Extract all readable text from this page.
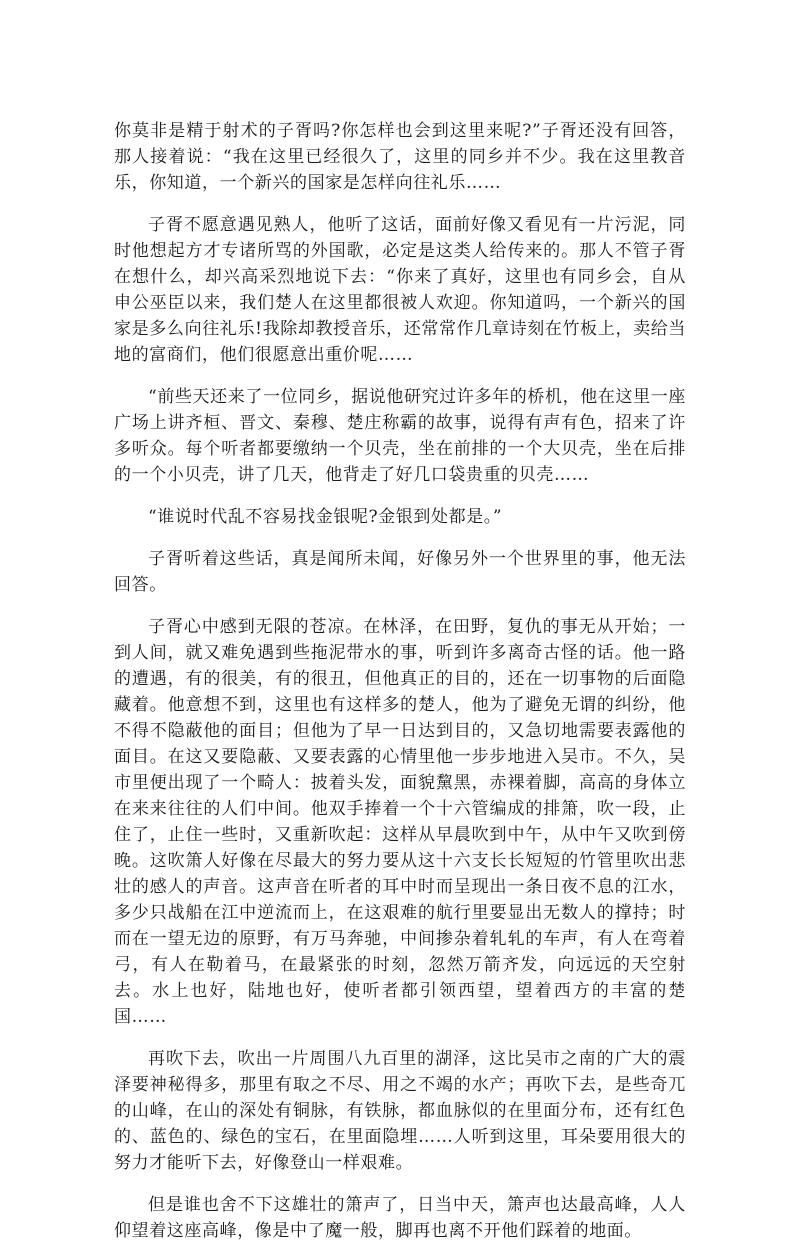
你莫非是精于射术的子胥吗?你怎样也会到这里来呢?”子胥还没有回答，那人接着说：“我在这里已经很久了，这里的同乡并不少。我在这里教音乐，你知道，一个新兴的国家是怎样向往礼乐……

子胥不愿意遇见熟人，他听了这话，面前好像又看见有一片污泥，同时他想起方才专诸所骂的外国歌，必定是这类人给传来的。那人不管子胥在想什么，却兴高采烈地说下去：“你来了真好，这里也有同乡会，自从申公巫臣以来，我们楚人在这里都很被人欢迎。你知道吗，一个新兴的国家是多么向往礼乐!我除却教授音乐，还常常作几章诗刻在竹板上，卖给当地的富商们，他们很愿意出重价呢……

“前些天还来了一位同乡，据说他研究过许多年的桥机，他在这里一座广场上讲齐桓、晋文、秦穆、楚庄称霸的故事，说得有声有色，招来了许多听众。每个听者都要缴纳一个贝壳，坐在前排的一个大贝壳，坐在后排的一个小贝壳，讲了几天，他背走了好几口袋贵重的贝壳……

“谁说时代乱不容易找金银呢?金银到处都是。”

子胥听着这些话，真是闻所未闻，好像另外一个世界里的事，他无法回答。

子胥心中感到无限的苍凉。在林泽，在田野，复仇的事无从开始；一到人间，就又难免遇到些拖泥带水的事，听到许多离奇古怪的话。他一路的遭遇，有的很美，有的很丑，但他真正的目的，还在一切事物的后面隐藏着。他意想不到，这里也有这样多的楚人，他为了避免无谓的纠纷，他不得不隐蔽他的面目；但他为了早一日达到目的，又急切地需要表露他的面目。在这又要隐蔽、又要表露的心情里他一步步地进入吴市。不久，吴市里便出现了一个畸人：披着头发，面貌黧黑，赤裸着脚，高高的身体立在来来往往的人们中间。他双手捧着一个十六管编成的排箫，吹一段，止住了，止住一些时，又重新吹起：这样从早晨吹到中午，从中午又吹到傍晚。这吹箫人好像在尽最大的努力要从这十六支长长短短的竹管里吹出悲壮的感人的声音。这声音在听者的耳中时而呈现出一条日夜不息的江水，多少只战船在江中逆流而上，在这艰难的航行里要显出无数人的撑持；时而在一望无边的原野，有万马奔驰，中间掺杂着轧轧的车声，有人在弯着弓，有人在勒着马，在最紧张的时刻，忽然万箭齐发，向远远的天空射去。水上也好，陆地也好，使听者都引领西望，望着西方的丰富的楚国……

再吹下去，吹出一片周围八九百里的湖泽，这比吴市之南的广大的震泽要神秘得多，那里有取之不尽、用之不竭的水产；再吹下去，是些奇兀的山峰，在山的深处有铜脉，有铁脉，都血脉似的在里面分布，还有红色的、蓝色的、绿色的宝石，在里面隐埋……人听到这里，耳朵要用很大的努力才能听下去，好像登山一样艰难。

但是谁也舍不下这雄壮的箫声了，日当中天，箫声也达最高峰，人人仰望着这座高峰，像是中了魔一般，脚再也离不开他们踩着的地面。
